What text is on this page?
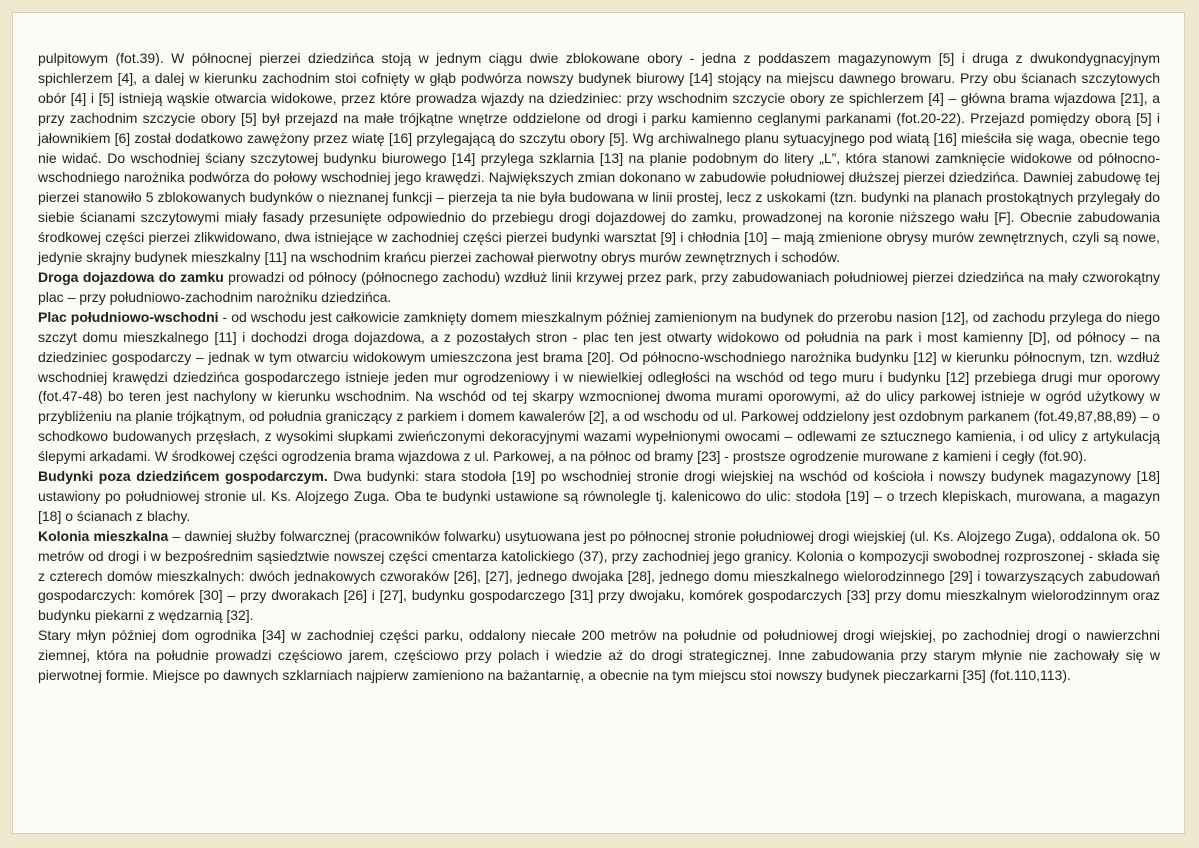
pulpitowym (fot.39). W północnej pierzei dziedzińca stoją w jednym ciągu dwie zblokowane obory - jedna z poddaszem magazynowym [5] i druga z dwukondygnacyjnym spichlerzem [4], a dalej w kierunku zachodnim stoi cofnięty w głąb podwórza nowszy budynek biurowy [14] stojący na miejscu dawnego browaru. Przy obu ścianach szczytowych obór [4] i [5] istnieją wąskie otwarcia widokowe, przez które prowadza wjazdy na dziedziniec: przy wschodnim szczycie obory ze spichlerzem [4] – główna brama wjazdowa [21], a przy zachodnim szczycie obory [5] był przejazd na małe trójkątne wnętrze oddzielone od drogi i parku kamienno ceglanymi parkanami (fot.20-22). Przejazd pomiędzy oborą [5] i jałownikiem [6] został dodatkowo zawężony przez wiatę [16] przylegającą do szczytu obory [5]. Wg archiwalnego planu sytuacyjnego pod wiatą [16] mieściła się waga, obecnie tego nie widać. Do wschodniej ściany szczytowej budynku biurowego [14] przylega szklarnia [13] na planie podobnym do litery „L”, która stanowi zamknięcie widokowe od północno-wschodniego narożnika podwórza do połowy wschodniej jego krawędzi. Największych zmian dokonano w zabudowie południowej dłuższej pierzei dziedzińca. Dawniej zabudowę tej pierzei stanowiło 5 zblokowanych budynków o nieznanej funkcji – pierzeja ta nie była budowana w linii prostej, lecz z uskokami (tzn. budynki na planach prostokątnych przylegały do siebie ścianami szczytowymi miały fasady przesunięte odpowiednio do przebiegu drogi dojazdowej do zamku, prowadzonej na koronie niższego wału [F]. Obecnie zabudowania środkowej części pierzei zlikwidowano, dwa istniejące w zachodniej części pierzei budynki warsztat [9] i chłodnia [10] – mają zmienione obrysy murów zewnętrznych, czyli są nowe, jedynie skrajny budynek mieszkalny [11] na wschodnim krańcu pierzei zachował pierwotny obrys murów zewnętrznych i schodów.

Droga dojazdowa do zamku prowadzi od północy (północnego zachodu) wzdłuż linii krzywej przez park, przy zabudowaniach południowej pierzei dziedzińca na mały czworokątny plac – przy południowo-zachodnim narożniku dziedzińca.

Plac południowo-wschodni - od wschodu jest całkowicie zamknięty domem mieszkalnym później zamienionym na budynek do przerobu nasion [12], od zachodu przylega do niego szczyt domu mieszkalnego [11] i dochodzi droga dojazdowa, a z pozostałych stron - plac ten jest otwarty widokowo od południa na park i most kamienny [D], od północy – na dziedziniec gospodarczy – jednak w tym otwarciu widokowym umieszczona jest brama [20]. Od północno-wschodniego narożnika budynku [12] w kierunku północnym, tzn. wzdłuż wschodniej krawędzi dziedzińca gospodarczego istnieje jeden mur ogrodzeniowy i w niewielkiej odległości na wschód od tego muru i budynku [12] przebiega drugi mur oporowy (fot.47-48) bo teren jest nachylony w kierunku wschodnim. Na wschód od tej skarpy wzmocnionej dwoma murami oporowymi, aż do ulicy parkowej istnieje w ogród użytkowy w przybliżeniu na planie trójkątnym, od południa graniczący z parkiem i domem kawalerów [2], a od wschodu od ul. Parkowej oddzielony jest ozdobnym parkanem (fot.49,87,88,89) – o schodkowo budowanych przęsłach, z wysokimi słupkami zwieńczonymi dekoracyjnymi wazami wypełnionymi owocami – odlewami ze sztucznego kamienia, i od ulicy z artykulacją ślepymi arkadami. W środkowej części ogrodzenia brama wjazdowa z ul. Parkowej, a na północ od bramy [23] - prostsze ogrodzenie murowane z kamieni i cegły (fot.90).

Budynki poza dziedzińcem gospodarczym. Dwa budynki: stara stodoła [19] po wschodniej stronie drogi wiejskiej na wschód od kościoła i nowszy budynek magazynowy [18] ustawiony po południowej stronie ul. Ks. Alojzego Zuga. Oba te budynki ustawione są równolegle tj. kalenicowo do ulic: stodoła [19] – o trzech klepiskach, murowana, a magazyn [18] o ścianach z blachy.

Kolonia mieszkalna – dawniej służby folwarcznej (pracowników folwarku) usytuowana jest po północnej stronie południowej drogi wiejskiej (ul. Ks. Alojzego Zuga), oddalona ok. 50 metrów od drogi i w bezpośrednim sąsiedztwie nowszej części cmentarza katolickiego (37), przy zachodniej jego granicy. Kolonia o kompozycji swobodnej rozproszonej - składa się z czterech domów mieszkalnych: dwóch jednakowych czworaków [26], [27], jednego dwojaka [28], jednego domu mieszkalnego wielorodzinnego [29] i towarzyszących zabudowań gospodarczych: komórek [30] – przy dworakach [26] i [27], budynku gospodarczego [31] przy dwojaku, komórek gospodarczych [33] przy domu mieszkalnym wielorodzinnym oraz budynku piekarni z wędzarnią [32].

Stary młyn później dom ogrodnika [34] w zachodniej części parku, oddalony niecałe 200 metrów na południe od południowej drogi wiejskiej, po zachodniej drogi o nawierzchni ziemnej, która na południe prowadzi częściowo jarem, częściowo przy polach i wiedzie aż do drogi strategicznej. Inne zabudowania przy starym młynie nie zachowały się w pierwotnej formie. Miejsce po dawnych szklarniach najpierw zamieniono na bażantarnię, a obecnie na tym miejscu stoi nowszy budynek pieczarkarni [35] (fot.110,113).
